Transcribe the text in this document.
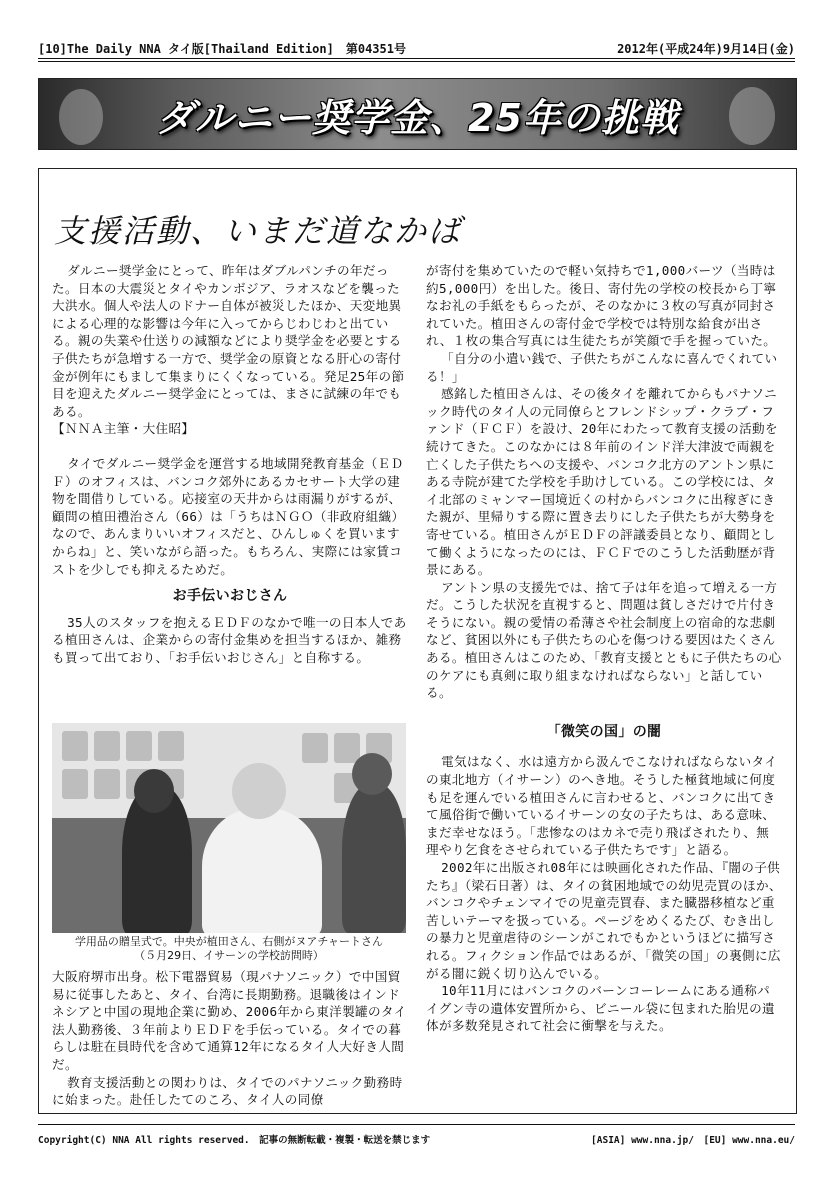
[10]The Daily NNA タイ版[Thailand Edition]　第04351号	2012年(平成24年)9月14日(金)
ダルニー奨学金、25年の挑戦
支援活動、いまだ道なかば

ダルニー奨学金にとって、昨年はダブルパンチの年だった。日本の大震災とタイやカンボジア、ラオスなどを襲った大洪水。個人や法人のドナー自体が被災したほか、天変地異による心理的な影響は今年に入ってからじわじわと出ている。親の失業や仕送りの減額などにより奨学金を必要とする子供たちが急増する一方で、奨学金の原資となる肝心の寄付金が例年にもまして集まりにくくなっている。発足25年の節目を迎えたダルニー奨学金にとっては、まさに試練の年でもある。

【ＮＮＡ主筆・大住昭】

タイでダルニー奨学金を運営する地域開発教育基金（ＥＤＦ）のオフィスは、バンコク郊外にあるカセサート大学の建物を間借りしている。応接室の天井からは雨漏りがするが、顧問の植田禮治さん（66）は「うちはＮＧＯ（非政府組織）なので、あんまりいいオフィスだと、ひんしゅくを買いますからね」と、笑いながら語った。もちろん、実際には家賃コストを少しでも抑えるためだ。

お手伝いおじさん

35人のスタッフを抱えるＥＤＦのなかで唯一の日本人である植田さんは、企業からの寄付金集めを担当するほか、雑務も買って出ており、「お手伝いおじさん」と自称する。

学用品の贈呈式で。中央が植田さん、右側がヌアチャートさん
（５月29日、イサーンの学校訪問時）

大阪府堺市出身。松下電器貿易（現パナソニック）で中国貿易に従事したあと、タイ、台湾に長期勤務。退職後はインドネシアと中国の現地企業に勤め、2006年から東洋製罐のタイ法人勤務後、３年前よりＥＤＦを手伝っている。タイでの暮らしは駐在員時代を含めて通算12年になるタイ人大好き人間だ。

教育支援活動との関わりは、タイでのパナソニック勤務時に始まった。赴任したてのころ、タイ人の同僚

が寄付を集めていたので軽い気持ちで1,000バーツ（当時は約5,000円）を出した。後日、寄付先の学校の校長から丁寧なお礼の手紙をもらったが、そのなかに３枚の写真が同封されていた。植田さんの寄付金で学校では特別な給食が出され、１枚の集合写真には生徒たちが笑顔で手を握っていた。

「自分の小遣い銭で、子供たちがこんなに喜んでくれている！」

感銘した植田さんは、その後タイを離れてからもパナソニック時代のタイ人の元同僚らとフレンドシップ・クラブ・ファンド（ＦＣＦ）を設け、20年にわたって教育支援の活動を続けてきた。このなかには８年前のインド洋大津波で両親を亡くした子供たちへの支援や、バンコク北方のアントン県にある寺院が建てた学校を手助けしている。この学校には、タイ北部のミャンマー国境近くの村からバンコクに出稼ぎにきた親が、里帰りする際に置き去りにした子供たちが大勢身を寄せている。植田さんがＥＤＦの評議委員となり、顧問として働くようになったのには、ＦＣＦでのこうした活動歴が背景にある。

アントン県の支援先では、捨て子は年を追って増える一方だ。こうした状況を直視すると、問題は貧しさだけで片付きそうにない。親の愛情の希薄さや社会制度上の宿命的な悲劇など、貧困以外にも子供たちの心を傷つける要因はたくさんある。植田さんはこのため、「教育支援とともに子供たちの心のケアにも真剣に取り組まなければならない」と話している。

「微笑の国」の闇

電気はなく、水は遠方から汲んでこなければならないタイの東北地方（イサーン）のへき地。そうした極貧地域に何度も足を運んでいる植田さんに言わせると、バンコクに出てきて風俗街で働いているイサーンの女の子たちは、ある意味、まだ幸せなほう。「悲惨なのはカネで売り飛ばされたり、無理やり乞食をさせられている子供たちです」と語る。

2002年に出版され08年には映画化された作品、『闇の子供たち』（梁石日著）は、タイの貧困地域での幼児売買のほか、バンコクやチェンマイでの児童売買春、また臓器移植など重苦しいテーマを扱っている。ページをめくるたび、むき出しの暴力と児童虐待のシーンがこれでもかというほどに描写される。フィクション作品ではあるが、「微笑の国」の裏側に広がる闇に鋭く切り込んでいる。

10年11月にはバンコクのバーンコーレームにある通称パイグン寺の遺体安置所から、ビニール袋に包まれた胎児の遺体が多数発見されて社会に衝撃を与えた。

Copyright(C) NNA All rights reserved.　記事の無断転載・複製・転送を禁じます	[ASIA] www.nna.jp/　[EU] www.nna.eu/
